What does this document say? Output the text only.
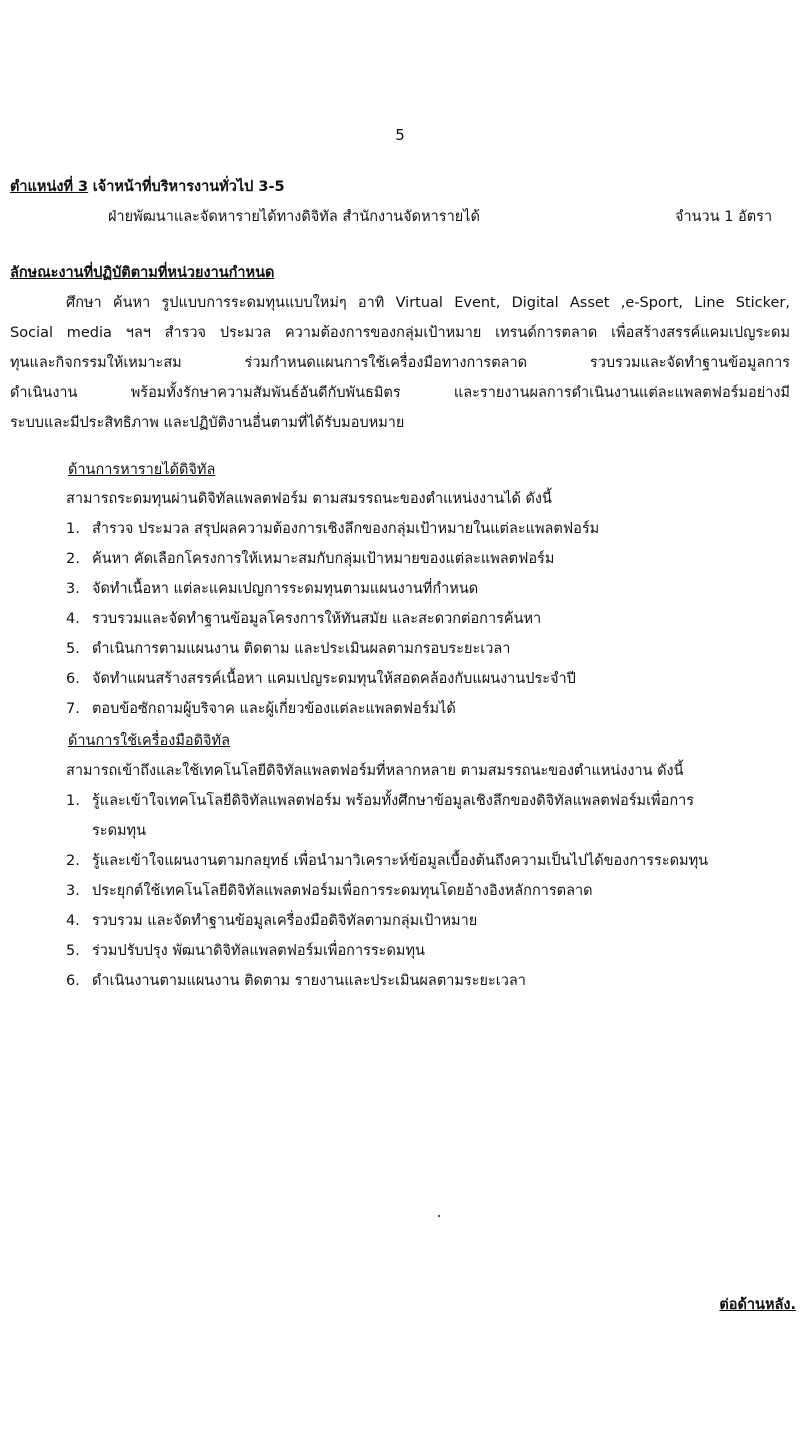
5
ตำแหน่งที่ 3 เจ้าหน้าที่บริหารงานทั่วไป 3-5
ฝ่ายพัฒนาและจัดหารายได้ทางดิจิทัล สำนักงานจัดหารายได้	จำนวน 1 อัตรา
ลักษณะงานที่ปฏิบัติตามที่หน่วยงานกำหนด
ศึกษา ค้นหา รูปแบบการระดมทุนแบบใหม่ๆ อาทิ Virtual Event, Digital Asset ,e-Sport, Line Sticker,
Social media ฯลฯ สำรวจ ประมวล ความต้องการของกลุ่มเป้าหมาย เทรนด์การตลาด เพื่อสร้างสรรค์แคมเปญระดม
ทุนและกิจกรรมให้เหมาะสม ร่วมกำหนดแผนการใช้เครื่องมือทางการตลาด รวบรวมและจัดทำฐานข้อมูลการ
ดำเนินงาน พร้อมทั้งรักษาความสัมพันธ์อันดีกับพันธมิตร และรายงานผลการดำเนินงานแต่ละแพลตฟอร์มอย่างมี
ระบบและมีประสิทธิภาพ และปฏิบัติงานอื่นตามที่ได้รับมอบหมาย
ด้านการหารายได้ดิจิทัล
สามารถระดมทุนผ่านดิจิทัลแพลตฟอร์ม ตามสมรรถนะของตำแหน่งงานได้ ดังนี้
1. สำรวจ ประมวล สรุปผลความต้องการเชิงลึกของกลุ่มเป้าหมายในแต่ละแพลตฟอร์ม
2. ค้นหา คัดเลือกโครงการให้เหมาะสมกับกลุ่มเป้าหมายของแต่ละแพลตฟอร์ม
3. จัดทำเนื้อหา แต่ละแคมเปญการระดมทุนตามแผนงานที่กำหนด
4. รวบรวมและจัดทำฐานข้อมูลโครงการให้ทันสมัย และสะดวกต่อการค้นหา
5. ดำเนินการตามแผนงาน ติดตาม และประเมินผลตามกรอบระยะเวลา
6. จัดทำแผนสร้างสรรค์เนื้อหา แคมเปญระดมทุนให้สอดคล้องกับแผนงานประจำปี
7. ตอบข้อซักถามผู้บริจาค และผู้เกี่ยวข้องแต่ละแพลตฟอร์มได้
ด้านการใช้เครื่องมือดิจิทัล
สามารถเข้าถึงและใช้เทคโนโลยีดิจิทัลแพลตฟอร์มที่หลากหลาย ตามสมรรถนะของตำแหน่งงาน ดังนี้
1. รู้และเข้าใจเทคโนโลยีดิจิทัลแพลตฟอร์ม พร้อมทั้งศึกษาข้อมูลเชิงลึกของดิจิทัลแพลตฟอร์มเพื่อการ
ระดมทุน
2. รู้และเข้าใจแผนงานตามกลยุทธ์ เพื่อนำมาวิเคราะห์ข้อมูลเบื้องต้นถึงความเป็นไปได้ของการระดมทุน
3. ประยุกต์ใช้เทคโนโลยีดิจิทัลแพลตฟอร์มเพื่อการระดมทุนโดยอ้างอิงหลักการตลาด
4. รวบรวม และจัดทำฐานข้อมูลเครื่องมือดิจิทัลตามกลุ่มเป้าหมาย
5. ร่วมปรับปรุง พัฒนาดิจิทัลแพลตฟอร์มเพื่อการระดมทุน
6. ดำเนินงานตามแผนงาน ติดตาม รายงานและประเมินผลตามระยะเวลา
ต่อด้านหลัง.
